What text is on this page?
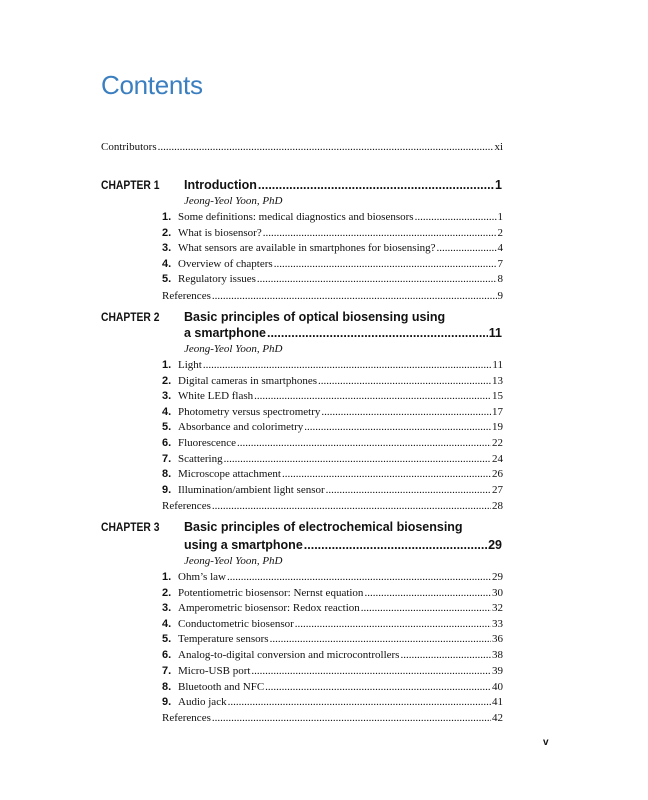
Contents
Contributors .....	xi
CHAPTER 1 Introduction .....	1
Jeong-Yeol Yoon, PhD
1. Some definitions: medical diagnostics and biosensors .....	1
2. What is biosensor? .....	2
3. What sensors are available in smartphones for biosensing? .....	4
4. Overview of chapters .....	7
5. Regulatory issues .....	8
References .....	9
CHAPTER 2 Basic principles of optical biosensing using
a smartphone .....	11
Jeong-Yeol Yoon, PhD
1. Light .....	11
2. Digital cameras in smartphones .....	13
3. White LED flash .....	15
4. Photometry versus spectrometry .....	17
5. Absorbance and colorimetry .....	19
6. Fluorescence .....	22
7. Scattering .....	24
8. Microscope attachment .....	26
9. Illumination/ambient light sensor .....	27
References .....	28
CHAPTER 3 Basic principles of electrochemical biosensing
using a smartphone .....	29
Jeong-Yeol Yoon, PhD
1. Ohm’s law .....	29
2. Potentiometric biosensor: Nernst equation .....	30
3. Amperometric biosensor: Redox reaction .....	32
4. Conductometric biosensor .....	33
5. Temperature sensors .....	36
6. Analog-to-digital conversion and microcontrollers .....	38
7. Micro-USB port .....	39
8. Bluetooth and NFC .....	40
9. Audio jack .....	41
References .....	42
v
